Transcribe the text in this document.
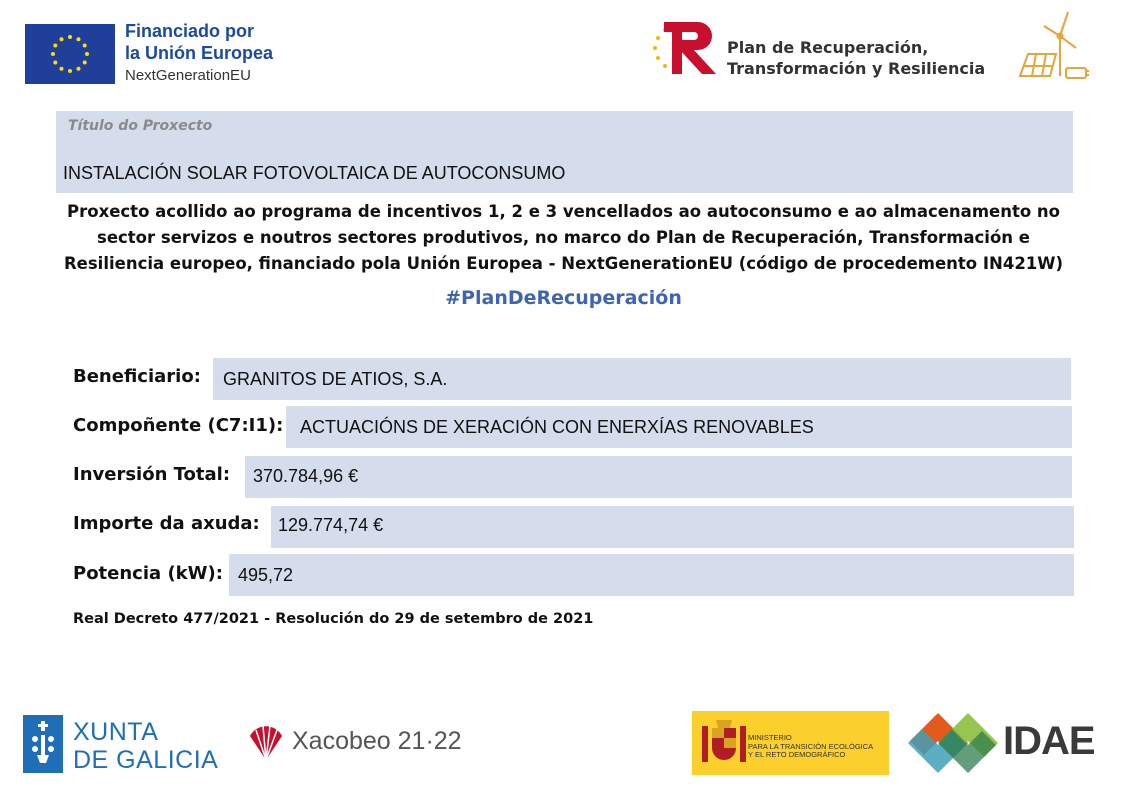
Financiado por
la Unión Europea
NextGenerationEU
Plan de Recuperación,
Transformación y Resiliencia
Título do Proxecto
INSTALACIÓN SOLAR FOTOVOLTAICA DE AUTOCONSUMO
Proxecto acollido ao programa de incentivos 1, 2 e 3 vencellados ao autoconsumo e ao almacenamento no
sector servizos e noutros sectores produtivos, no marco do Plan de Recuperación, Transformación e
Resiliencia europeo, financiado pola Unión Europea - NextGenerationEU (código de procedemento IN421W)
#PlanDeRecuperación
Beneficiario: GRANITOS DE ATIOS, S.A.
Compoñente (C7:I1): ACTUACIÓNS DE XERACIÓN CON ENERXÍAS RENOVABLES
Inversión Total: 370.784,96 €
Importe da axuda: 129.774,74 €
Potencia (kW): 495,72
Real Decreto 477/2021 - Resolución do 29 de setembro de 2021
XUNTA
DE GALICIA
Xacobeo 21·22	MINISTERIO
PARA LA TRANSICIÓN ECOLÓGICA
Y EL RETO DEMOGRÁFICO	IDAE
